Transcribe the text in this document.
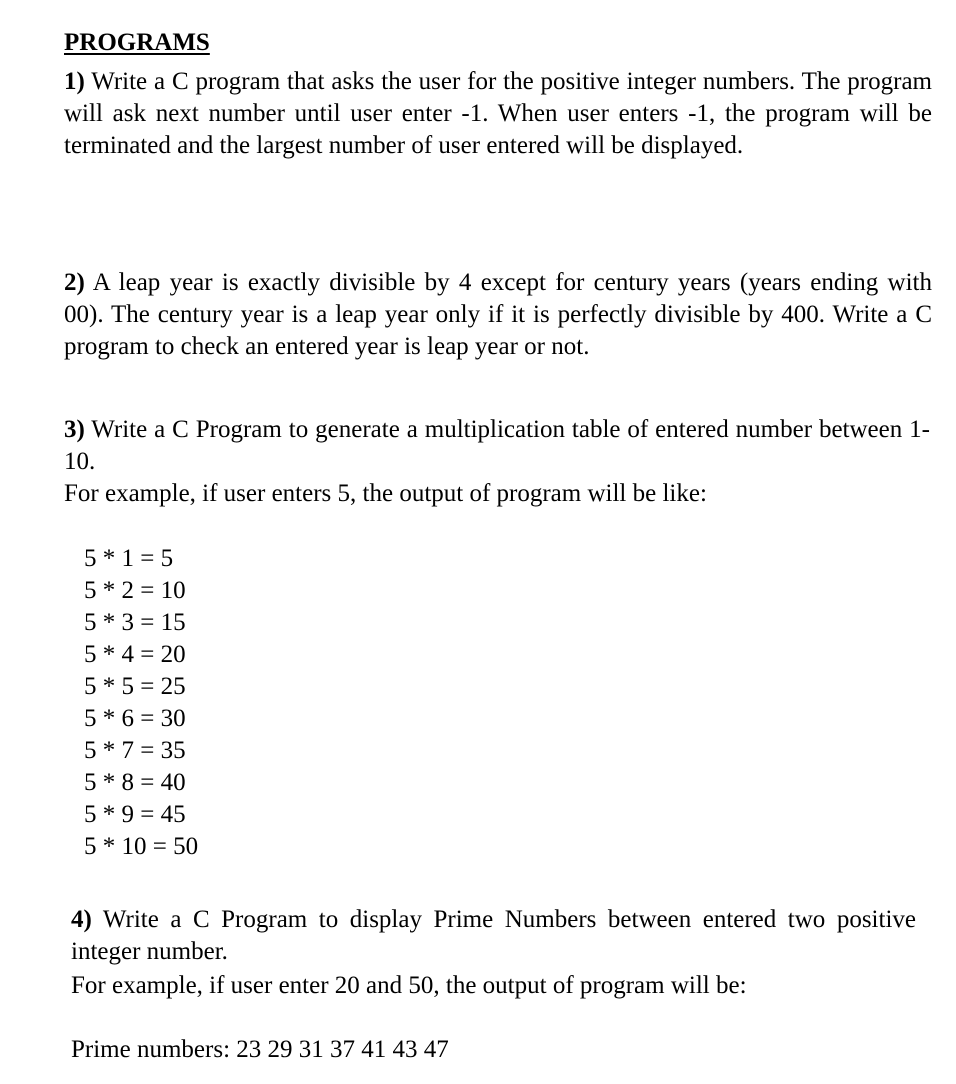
PROGRAMS

1) Write a C program that asks the user for the positive integer numbers. The program will ask next number until user enter -1. When user enters -1, the program will be terminated and the largest number of user entered will be displayed.

2) A leap year is exactly divisible by 4 except for century years (years ending with 00). The century year is a leap year only if it is perfectly divisible by 400. Write a C program to check an entered year is leap year or not.

3) Write a C Program to generate a multiplication table of entered number between 1-10.

For example, if user enters 5, the output of program will be like:

5 * 1 = 5
5 * 2 = 10
5 * 3 = 15
5 * 4 = 20
5 * 5 = 25
5 * 6 = 30
5 * 7 = 35
5 * 8 = 40
5 * 9 = 45
5 * 10 = 50

4) Write a C Program to display Prime Numbers between entered two positive integer number.

For example, if user enter 20 and 50, the output of program will be:

Prime numbers: 23 29 31 37 41 43 47
